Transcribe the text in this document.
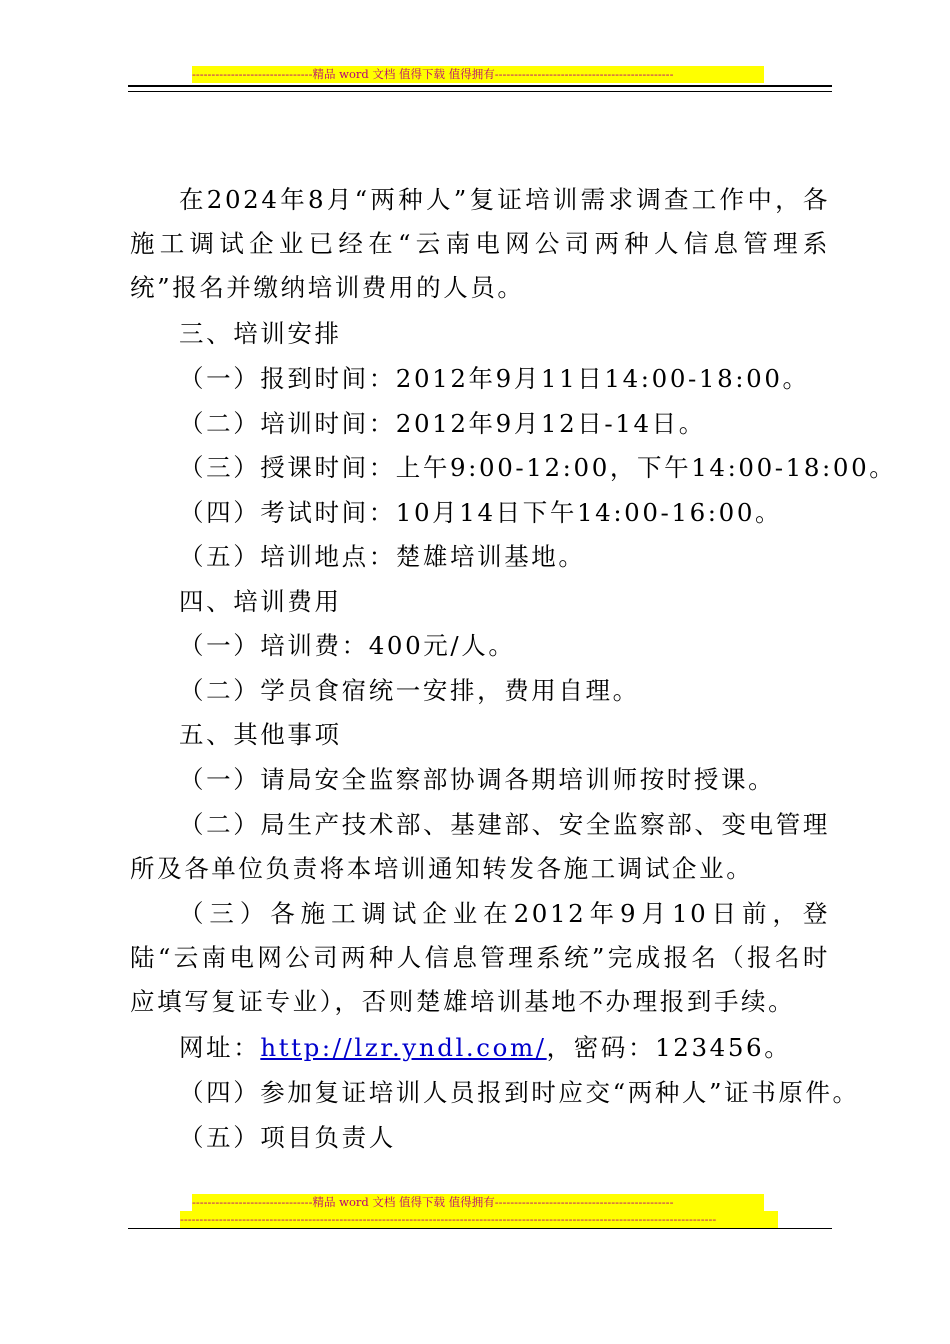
-------------------------------精品 word 文档 值得下载 值得拥有----------------------------------------------
在2024年8月“两种人”复证培训需求调查工作中，各施工调试企业已经在“云南电网公司两种人信息管理系统”报名并缴纳培训费用的人员。
三、培训安排
（一）报到时间：2012年9月11日14:00-18:00。
（二）培训时间：2012年9月12日-14日。
（三）授课时间：上午9:00-12:00，下午14:00-18:00。
（四）考试时间：10月14日下午14:00-16:00。
（五）培训地点：楚雄培训基地。
四、培训费用
（一）培训费：400元/人。
（二）学员食宿统一安排，费用自理。
五、其他事项
（一）请局安全监察部协调各期培训师按时授课。
（二）局生产技术部、基建部、安全监察部、变电管理所及各单位负责将本培训通知转发各施工调试企业。
（三）各施工调试企业在2012年9月10日前，登陆“云南电网公司两种人信息管理系统”完成报名（报名时应填写复证专业），否则楚雄培训基地不办理报到手续。
网址：http://lzr.yndl.com/，密码：123456。
（四）参加复证培训人员报到时应交“两种人”证书原件。
（五）项目负责人
-------------------------------精品 word 文档 值得下载 值得拥有----------------------------------------------
------------------------------------------------------------------------------------------------------------------------------------------
